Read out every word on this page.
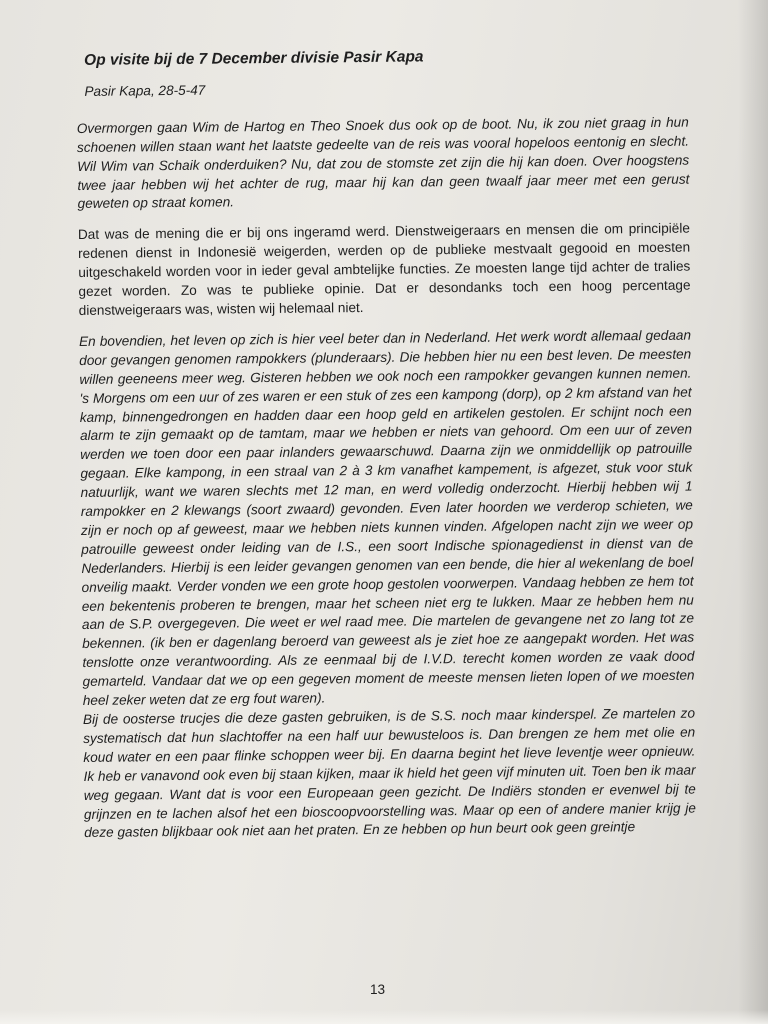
Op visite bij de 7 December divisie Pasir Kapa
Pasir Kapa, 28-5-47

Overmorgen gaan Wim de Hartog en Theo Snoek dus ook op de boot. Nu, ik zou niet graag in hun schoenen willen staan want het laatste gedeelte van de reis was vooral hopeloos eentonig en slecht. Wil Wim van Schaik onderduiken? Nu, dat zou de stomste zet zijn die hij kan doen. Over hoogstens twee jaar hebben wij het achter de rug, maar hij kan dan geen twaalf jaar meer met een gerust geweten op straat komen.

Dat was de mening die er bij ons ingeramd werd. Dienstweigeraars en mensen die om principiële redenen dienst in Indonesië weigerden, werden op de publieke mestvaalt gegooid en moesten uitgeschakeld worden voor in ieder geval ambtelijke functies. Ze moesten lange tijd achter de tralies gezet worden. Zo was te publieke opinie. Dat er desondanks toch een hoog percentage dienstweigeraars was, wisten wij helemaal niet.

En bovendien, het leven op zich is hier veel beter dan in Nederland. Het werk wordt allemaal gedaan door gevangen genomen rampokkers (plunderaars). Die hebben hier nu een best leven. De meesten willen geeneens meer weg. Gisteren hebben we ook noch een rampokker gevangen kunnen nemen. 's Morgens om een uur of zes waren er een stuk of zes een kampong (dorp), op 2 km afstand van het kamp, binnengedrongen en hadden daar een hoop geld en artikelen gestolen. Er schijnt noch een alarm te zijn gemaakt op de tamtam, maar we hebben er niets van gehoord. Om een uur of zeven werden we toen door een paar inlanders gewaarschuwd. Daarna zijn we onmiddellijk op patrouille gegaan. Elke kampong, in een straal van 2 à 3 km vanafhet kampement, is afgezet, stuk voor stuk natuurlijk, want we waren slechts met 12 man, en werd volledig onderzocht. Hierbij hebben wij 1 rampokker en 2 klewangs (soort zwaard) gevonden. Even later hoorden we verderop schieten, we zijn er noch op af geweest, maar we hebben niets kunnen vinden. Afgelopen nacht zijn we weer op patrouille geweest onder leiding van de I.S., een soort Indische spionagedienst in dienst van de Nederlanders. Hierbij is een leider gevangen genomen van een bende, die hier al wekenlang de boel onveilig maakt. Verder vonden we een grote hoop gestolen voorwerpen. Vandaag hebben ze hem tot een bekentenis proberen te brengen, maar het scheen niet erg te lukken. Maar ze hebben hem nu aan de S.P. overgegeven. Die weet er wel raad mee. Die martelen de gevangene net zo lang tot ze bekennen. (ik ben er dagenlang beroerd van geweest als je ziet hoe ze aangepakt worden. Het was tenslotte onze verantwoording. Als ze eenmaal bij de I.V.D. terecht komen worden ze vaak dood gemarteld. Vandaar dat we op een gegeven moment de meeste mensen lieten lopen of we moesten heel zeker weten dat ze erg fout waren).

Bij de oosterse trucjes die deze gasten gebruiken, is de S.S. noch maar kinderspel. Ze martelen zo systematisch dat hun slachtoffer na een half uur bewusteloos is. Dan brengen ze hem met olie en koud water en een paar flinke schoppen weer bij. En daarna begint het lieve leventje weer opnieuw. Ik heb er vanavond ook even bij staan kijken, maar ik hield het geen vijf minuten uit. Toen ben ik maar weg gegaan. Want dat is voor een Europeaan geen gezicht. De Indiërs stonden er evenwel bij te grijnzen en te lachen alsof het een bioscoopvoorstelling was. Maar op een of andere manier krijg je deze gasten blijkbaar ook niet aan het praten. En ze hebben op hun beurt ook geen greintje

13
